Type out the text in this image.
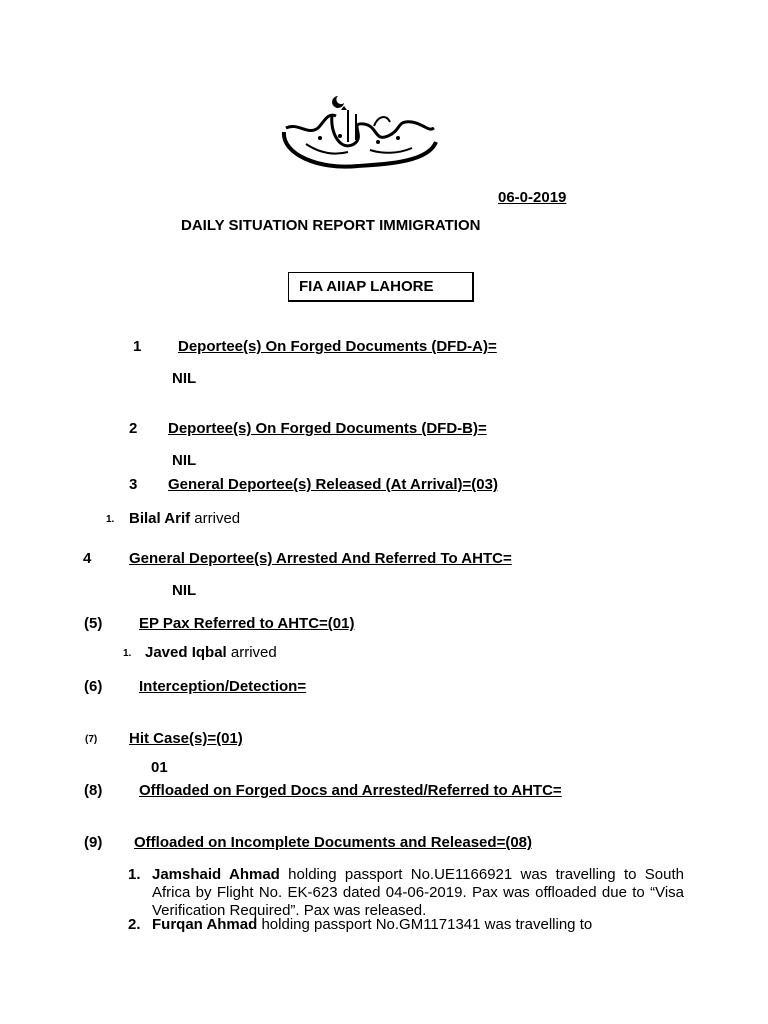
06-0-2019
DAILY SITUATION REPORT IMMIGRATION
FIA AIIAP LAHORE
1 Deportee(s) On Forged Documents (DFD-A)=
NIL
2 Deportee(s) On Forged Documents (DFD-B)=
NIL
3 General Deportee(s) Released (At Arrival)=(03)
1. Bilal Arif arrived
4	General Deportee(s) Arrested And Referred To AHTC=
NIL
(5) EP Pax Referred to AHTC=(01)
1. Javed Iqbal arrived
(6) Interception/Detection=
(7) Hit Case(s)=(01)
01
(8) Offloaded on Forged Docs and Arrested/Referred to AHTC=
(9) Offloaded on Incomplete Documents and Released=(08)
1. Jamshaid Ahmad holding passport No.UE1166921 was travelling to South Africa by Flight No. EK-623 dated 04-06-2019. Pax was offloaded due to “Visa Verification Required”. Pax was released.
2. Furqan Ahmad holding passport No.GM1171341 was travelling to
